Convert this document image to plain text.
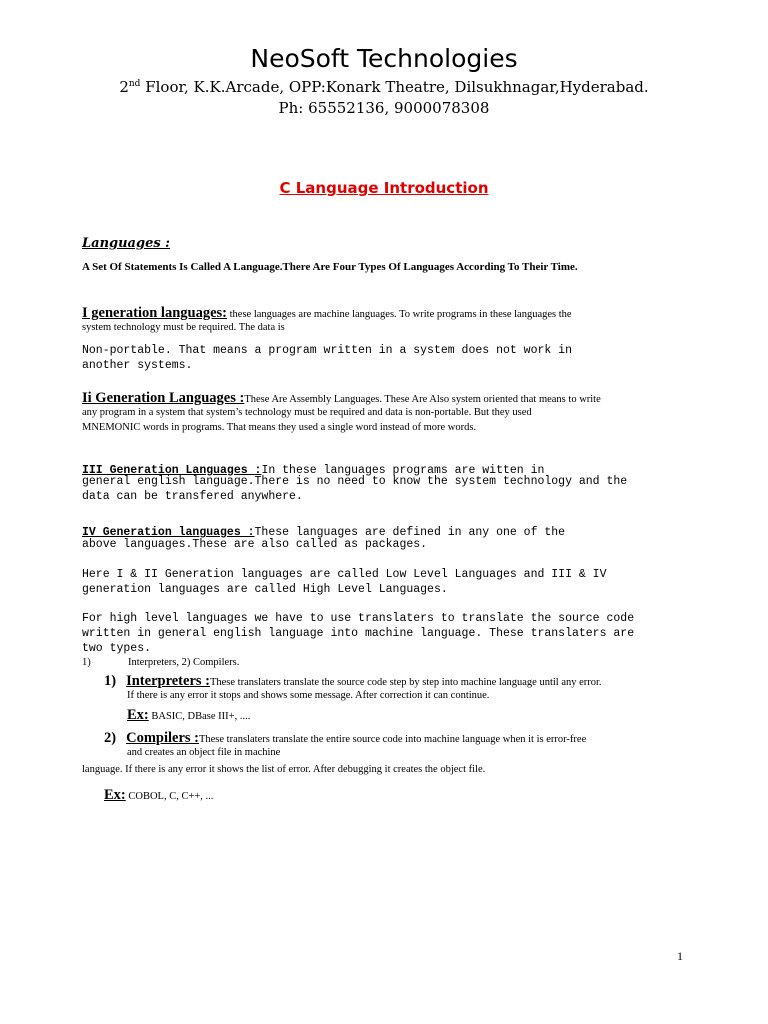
NeoSoft Technologies
2nd Floor, K.K.Arcade, OPP:Konark Theatre, Dilsukhnagar,Hyderabad.
Ph: 65552136, 9000078308
C Language Introduction
Languages :
A Set Of Statements Is Called A Language.There Are Four Types Of Languages According To Their Time.
I generation languages: these languages are machine languages. To write programs in these languages the
system technology must be required. The data is
Non-portable. That means a program written in a system does not work in
another systems.
Ii Generation Languages :These Are Assembly Languages. These Are Also system oriented that means to write
any program in a system that system’s technology must be required and data is non-portable. But they used
MNEMONIC words in programs. That means they used a single word instead of more words.
III Generation Languages :In these languages programs are witten in
general english language.There is no need to know the system technology and the
data can be transfered anywhere.
IV Generation languages :These languages are defined in any one of the
above languages.These are also called as packages.
Here I & II Generation languages are called Low Level Languages and III & IV
generation languages are called High Level Languages.
For high level languages we have to use translaters to translate the source code
written in general english language into machine language. These translaters are
two types.
1)	Interpreters, 2) Compilers.
1) Interpreters :These translaters translate the source code step by step into machine language until any error.
If there is any error it stops and shows some message. After correction it can continue.
Ex: BASIC, DBase III+, ....
2) Compilers :These translaters translate the entire source code into machine language when it is error-free
and creates an object file in machine
language. If there is any error it shows the list of error. After debugging it creates the object file.
Ex: COBOL, C, C++, ...
1
